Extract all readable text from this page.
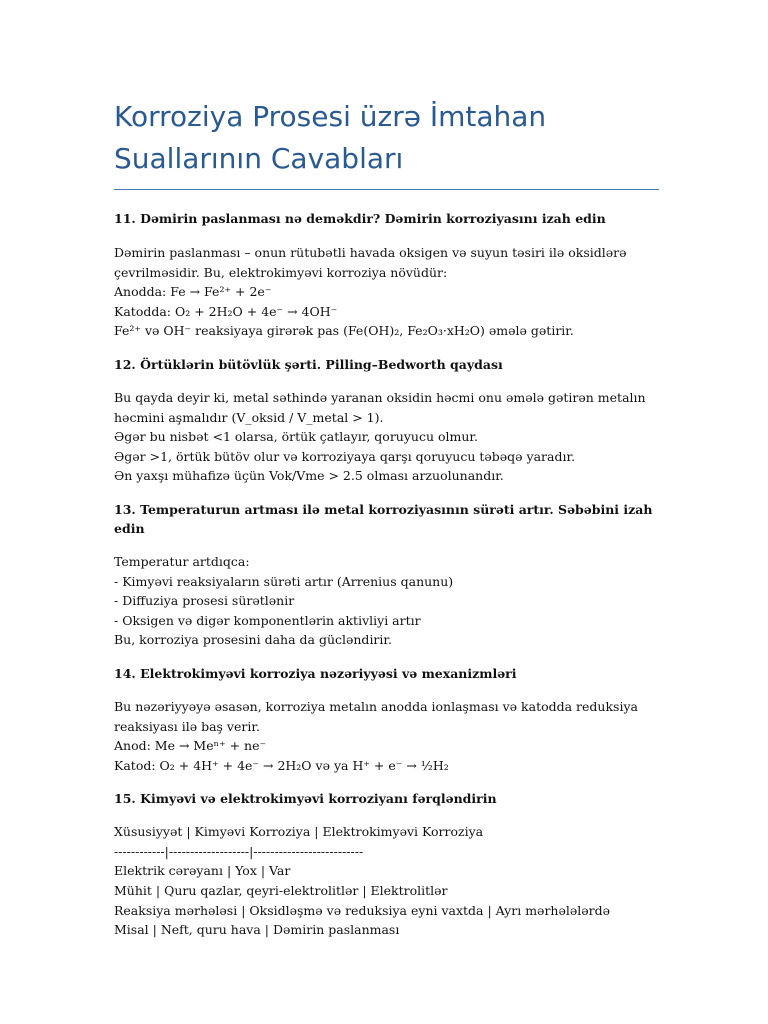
Korroziya Prosesi üzrə İmtahan
Suallarının Cavabları

11. Dəmirin paslanması nə deməkdir? Dəmirin korroziyasını izah edin

Dəmirin paslanması – onun rütubətli havada oksigen və suyun təsiri ilə oksidlərə
çevrilməsidir. Bu, elektrokimyəvi korroziya növüdür:
Anodda: Fe → Fe²⁺ + 2e⁻
Katodda: O₂ + 2H₂O + 4e⁻ → 4OH⁻
Fe²⁺ və OH⁻ reaksiyaya girərək pas (Fe(OH)₂, Fe₂O₃·xH₂O) əmələ gətirir.

12. Örtüklərin bütövlük şərti. Pilling–Bedworth qaydası

Bu qayda deyir ki, metal səthində yaranan oksidin həcmi onu əmələ gətirən metalın
həcmini aşmalıdır (V_oksid / V_metal > 1).
Əgər bu nisbət <1 olarsa, örtük çatlayır, qoruyucu olmur.
Əgər >1, örtük bütöv olur və korroziyaya qarşı qoruyucu təbəqə yaradır.
Ən yaxşı mühafizə üçün Vok/Vme > 2.5 olması arzuolunandır.

13. Temperaturun artması ilə metal korroziyasının sürəti artır. Səbəbini izah edin

Temperatur artdıqca:
- Kimyəvi reaksiyaların sürəti artır (Arrenius qanunu)
- Diffuziya prosesi sürətlənir
- Oksigen və digər komponentlərin aktivliyi artır
Bu, korroziya prosesini daha da gücləndirir.

14. Elektrokimyəvi korroziya nəzəriyyəsi və mexanizmləri

Bu nəzəriyyəyə əsasən, korroziya metalın anodda ionlaşması və katodda reduksiya
reaksiyası ilə baş verir.
Anod: Me → Meⁿ⁺ + ne⁻
Katod: O₂ + 4H⁺ + 4e⁻ → 2H₂O və ya H⁺ + e⁻ → ½H₂

15. Kimyəvi və elektrokimyəvi korroziyanı fərqləndirin

Xüsusiyyət | Kimyəvi Korroziya | Elektrokimyəvi Korroziya
------------|-------------------|--------------------------
Elektrik cərəyanı | Yox | Var
Mühit | Quru qazlar, qeyri-elektrolitlər | Elektrolitlər
Reaksiya mərhələsi | Oksidləşmə və reduksiya eyni vaxtda | Ayrı mərhələlərdə
Misal | Neft, quru hava | Dəmirin paslanması
